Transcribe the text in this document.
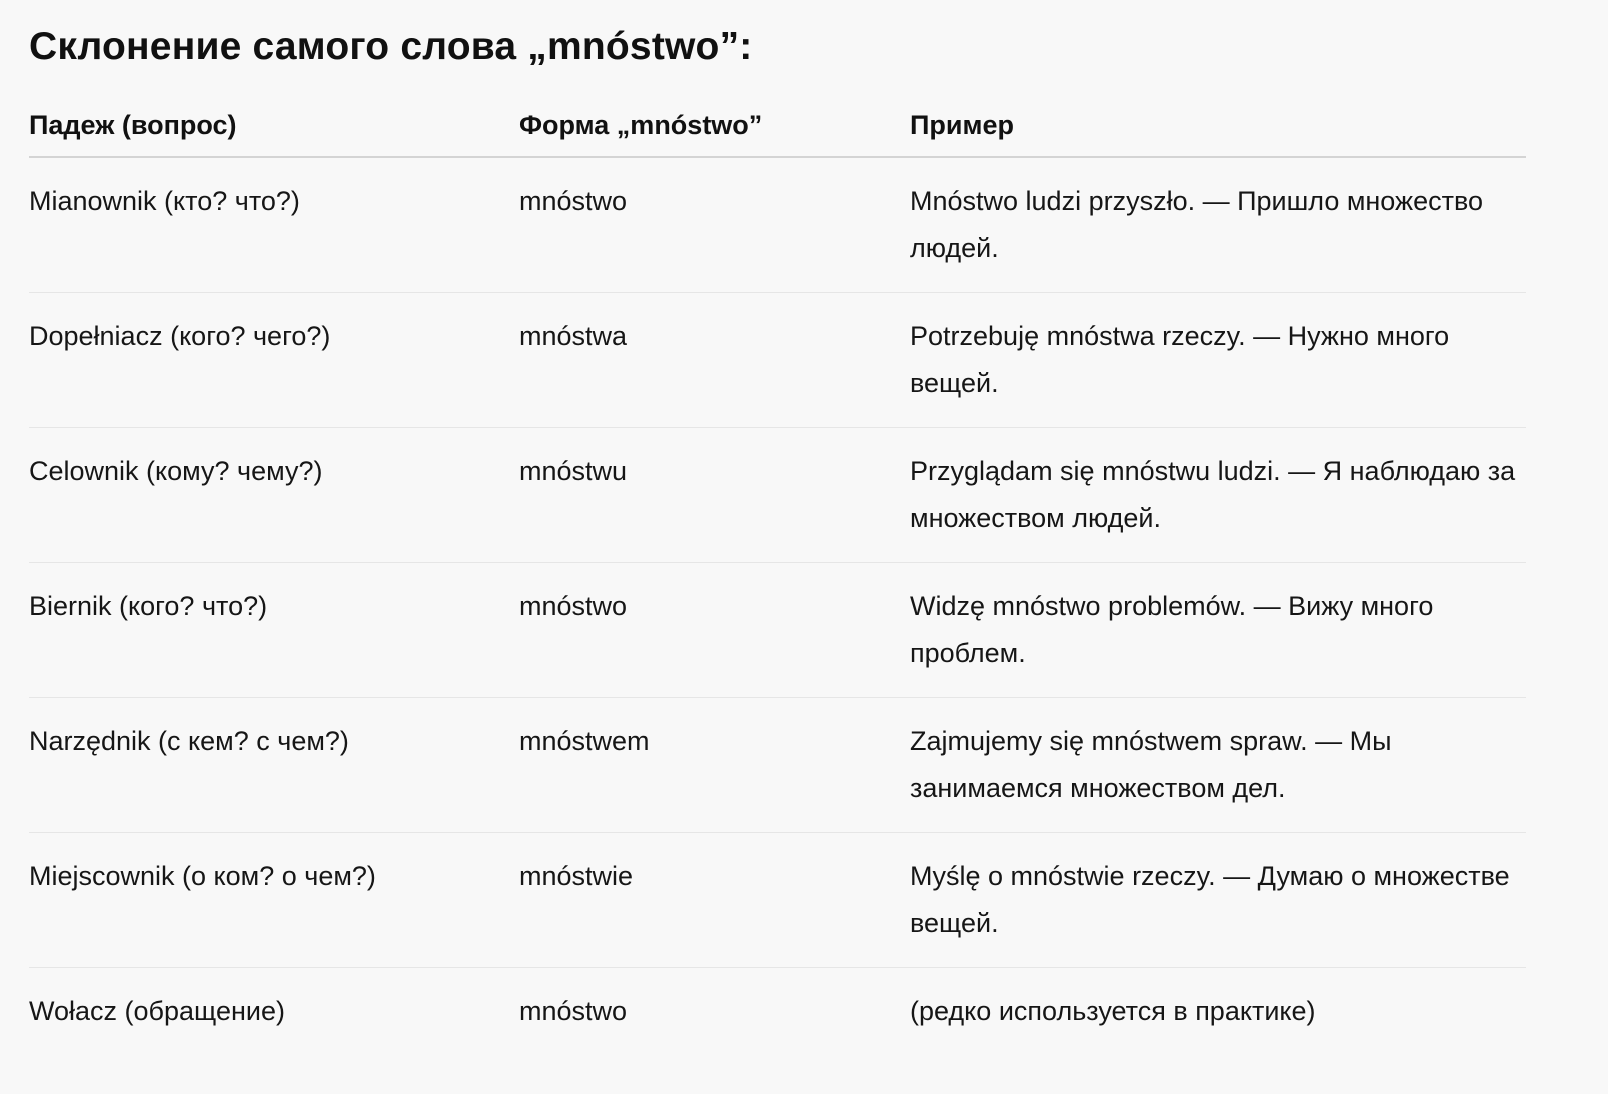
Склонение самого слова „mnóstwo”:
Падеж (вопрос)	Форма „mnóstwo”	Пример
Mianownik (кто? что?)	mnóstwo	Mnóstwo ludzi przyszło. — Пришло множество людей.
Dopełniacz (кого? чего?)	mnóstwa	Potrzebuję mnóstwa rzeczy. — Нужно много вещей.
Celownik (кому? чему?)	mnóstwu	Przyglądam się mnóstwu ludzi. — Я наблюдаю за множеством людей.
Biernik (кого? что?)	mnóstwo	Widzę mnóstwo problemów. — Вижу много проблем.
Narzędnik (с кем? с чем?)	mnóstwem	Zajmujemy się mnóstwem spraw. — Мы занимаемся множеством дел.
Miejscownik (о ком? о чем?)	mnóstwie	Myślę o mnóstwie rzeczy. — Думаю о множестве вещей.
Wołacz (обращение)	mnóstwo	(редко используется в практике)
